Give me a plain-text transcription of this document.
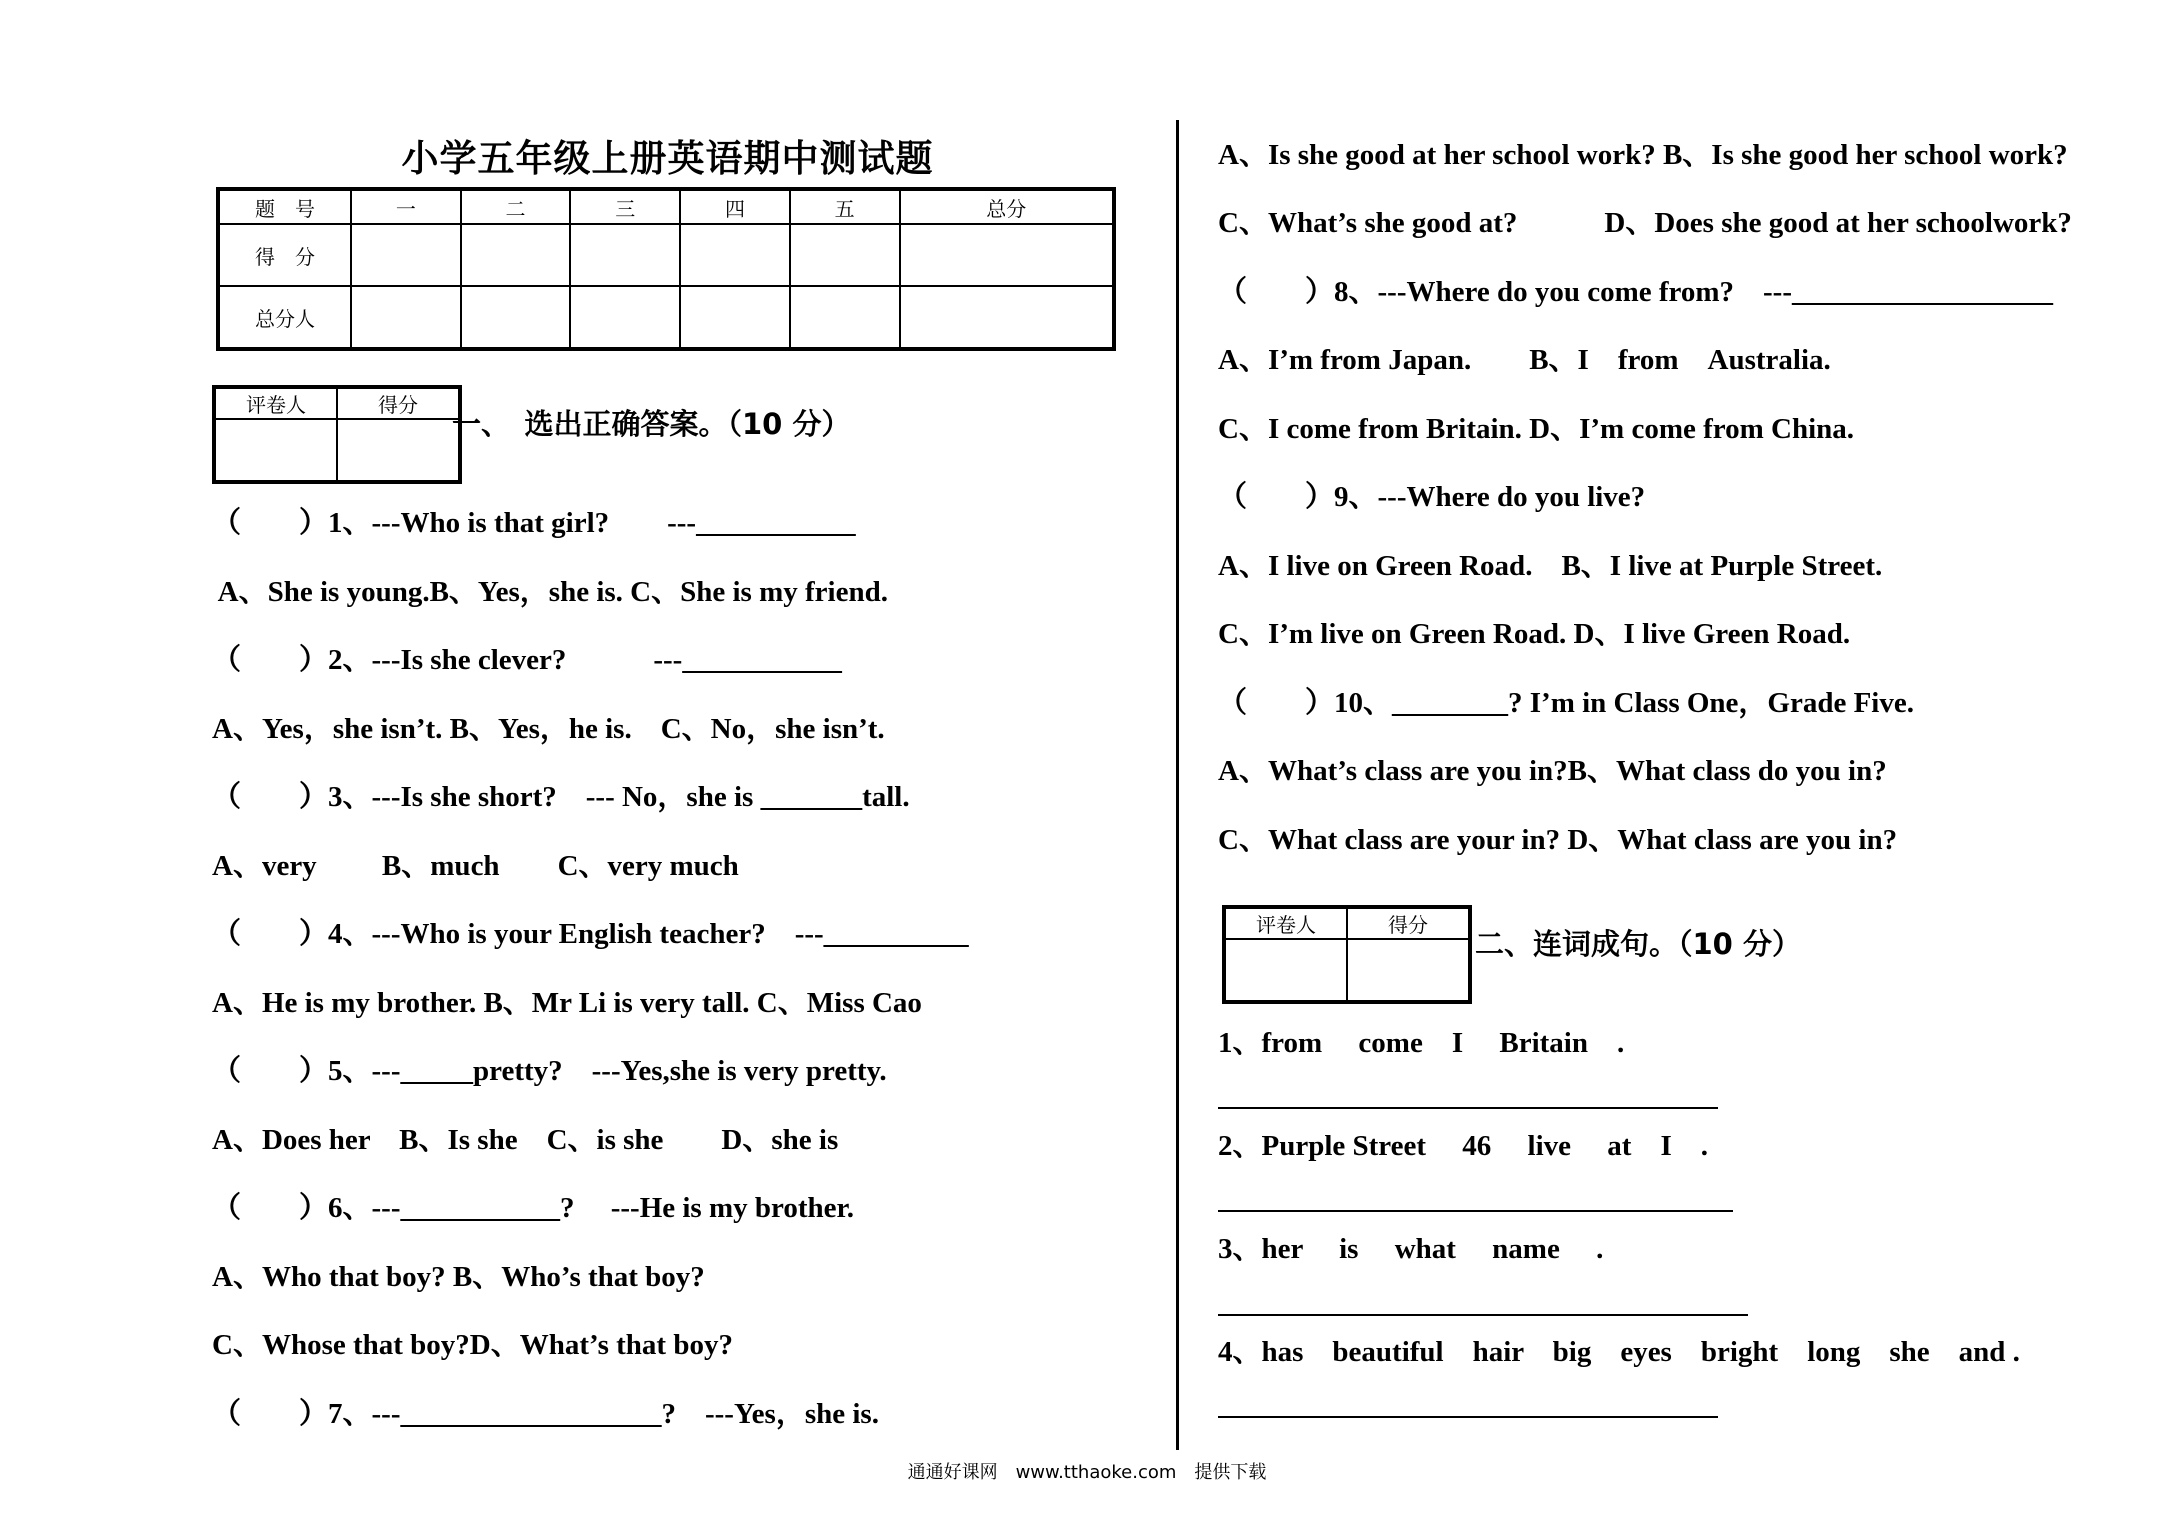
小学五年级上册英语期中测试题
题　号	一	二	三	四	五	总分
得　分						
总分人						
评卷人	得分

一、　选出正确答案。（10 分）
（　　）1、---Who is that girl?　　---___________
A、She is young.B、Yes，she is. C、She is my friend.
（　　）2、---Is she clever?　　　---___________
A、Yes，she isn’t. B、Yes，he is.　C、No，she isn’t.
（　　）3、---Is she short?　--- No，she is _______tall.
A、very　　 B、much　　C、very much
（　　）4、---Who is your English teacher?　---__________
A、He is my brother. B、Mr Li is very tall. C、Miss Cao
（　　）5、---_____pretty?　---Yes,she is very pretty.
A、Does her　B、Is she　C、is she　　D、she is
（　　）6、---___________?　 ---He is my brother.
A、Who that boy? B、Who’s that boy?
C、Whose that boy?D、What’s that boy?
（　　）7、---__________________?　---Yes，she is.
A、Is she good at her school work? B、Is she good her school work?
C、What’s she good at?　　　D、Does she good at her schoolwork?
（　　）8、---Where do you come from?　---__________________
A、I’m from Japan.　　B、I　from　Australia.
C、I come from Britain. D、I’m come from China.
（　　）9、---Where do you live?
A、I live on Green Road.　B、I live at Purple Street.
C、I’m live on Green Road. D、I live Green Road.
（　　）10、________? I’m in Class One，Grade Five.
A、What’s class are you in?B、What class do you in?
C、What class are your in? D、What class are you in?
评卷人	得分

二、连词成句。（10 分）
1、from　 come　I　 Britain　.
2、Purple Street　 46　 live　 at　I　.
3、her　 is　 what　 name　 .
4、has　beautiful　hair　big　eyes　bright　long　she　and .
通通好课网　www.tthaoke.com　提供下载
